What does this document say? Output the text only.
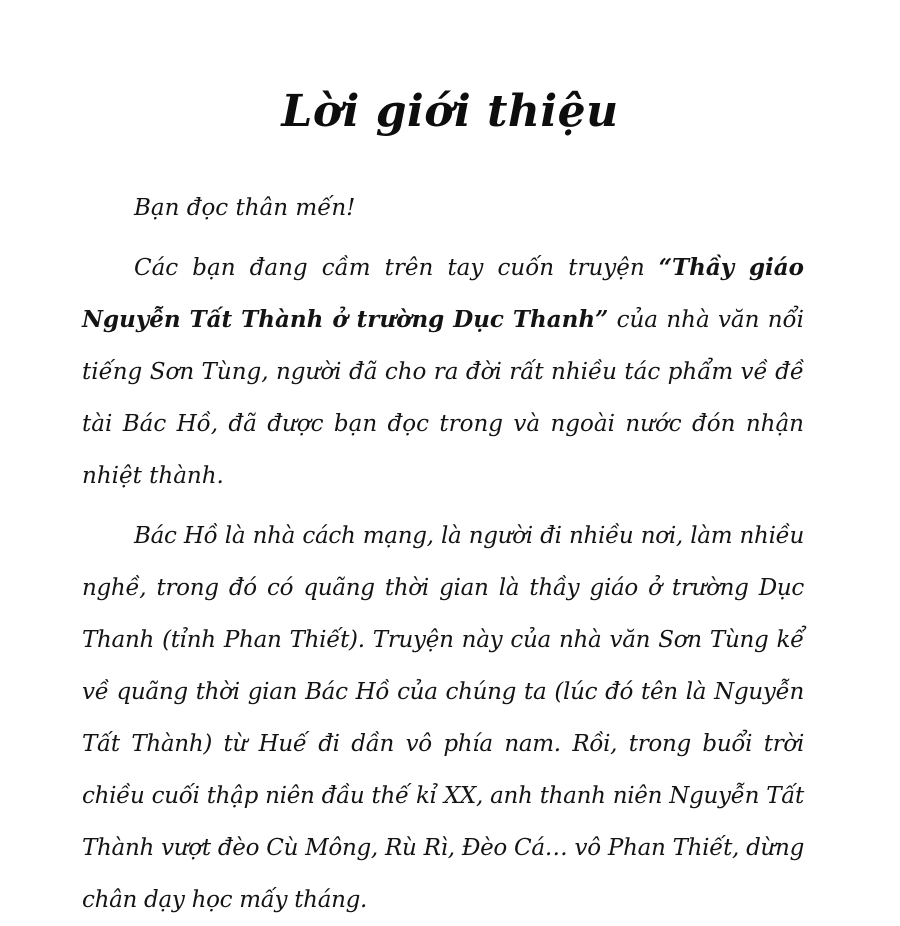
Lời giới thiệu

Bạn đọc thân mến!

Các bạn đang cầm trên tay cuốn truyện “Thầy giáo Nguyễn Tất Thành ở trường Dục Thanh” của nhà văn nổi tiếng Sơn Tùng, người đã cho ra đời rất nhiều tác phẩm về đề tài Bác Hồ, đã được bạn đọc trong và ngoài nước đón nhận nhiệt thành.

Bác Hồ là nhà cách mạng, là người đi nhiều nơi, làm nhiều nghề, trong đó có quãng thời gian là thầy giáo ở trường Dục Thanh (tỉnh Phan Thiết). Truyện này của nhà văn Sơn Tùng kể về quãng thời gian Bác Hồ của chúng ta (lúc đó tên là Nguyễn Tất Thành) từ Huế đi dần vô phía nam. Rồi, trong buổi trời chiều cuối thập niên đầu thế kỉ XX, anh thanh niên Nguyễn Tất Thành vượt đèo Cù Mông, Rù Rì, Đèo Cá… vô Phan Thiết, dừng chân dạy học mấy tháng.
